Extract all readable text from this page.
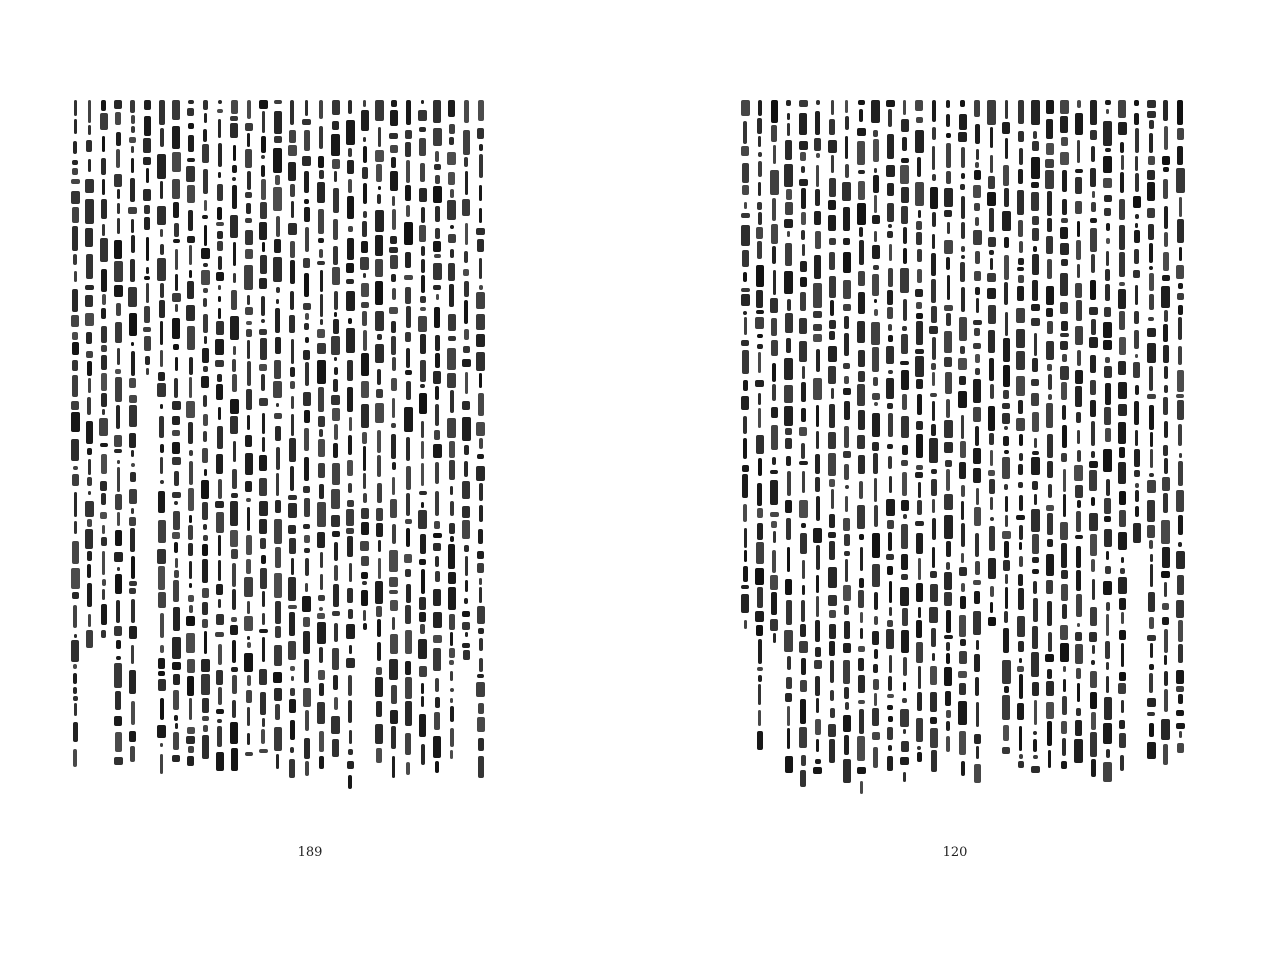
189	120
